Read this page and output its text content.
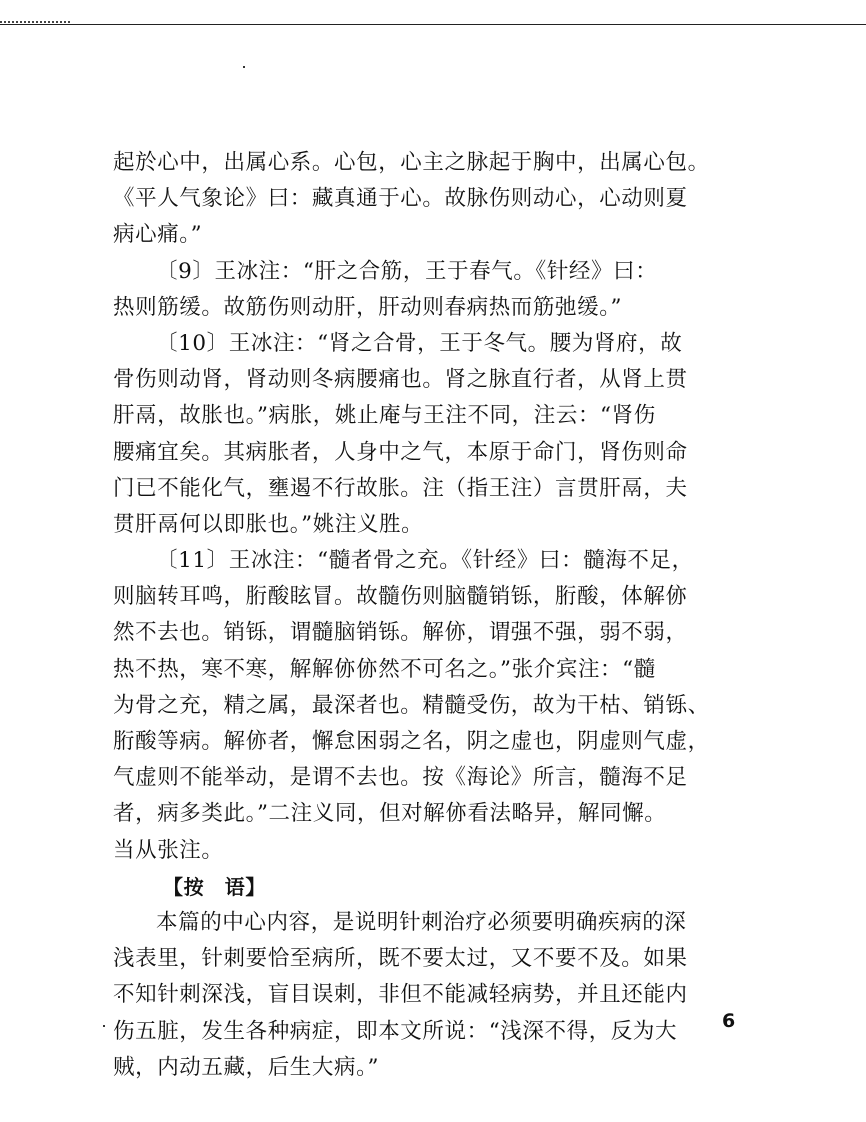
起於心中，出属心系。心包，心主之脉起于胸中，出属心包。
《平人气象论》曰：藏真通于心。故脉伤则动心，心动则夏
病心痛。”
〔9〕王冰注：“肝之合筋，王于春气。《针经》曰：
热则筋缓。故筋伤则动肝，肝动则春病热而筋弛缓。”
〔10〕王冰注：“肾之合骨，王于冬气。腰为肾府，故
骨伤则动肾，肾动则冬病腰痛也。肾之脉直行者，从肾上贯
肝鬲，故胀也。”病胀，姚止庵与王注不同，注云：“肾伤
腰痛宜矣。其病胀者，人身中之气，本原于命门，肾伤则命
门已不能化气，壅遏不行故胀。注（指王注）言贯肝鬲，夫
贯肝鬲何以即胀也。”姚注义胜。
〔11〕王冰注：“髓者骨之充。《针经》曰：髓海不足，
则脑转耳鸣，胻酸眩冒。故髓伤则脑髓销铄，胻酸，体解㑊
然不去也。销铄，谓髓脑销铄。解㑊，谓强不强，弱不弱，
热不热，寒不寒，解解㑊㑊然不可名之。”张介宾注：“髓
为骨之充，精之属，最深者也。精髓受伤，故为干枯、销铄、
胻酸等病。解㑊者，懈怠困弱之名，阴之虚也，阴虚则气虚，
气虚则不能举动，是谓不去也。按《海论》所言，髓海不足
者，病多类此。”二注义同，但对解㑊看法略异，解同懈。
当从张注。
【按　语】
本篇的中心内容，是说明针刺治疗必须要明确疾病的深
浅表里，针刺要恰至病所，既不要太过，又不要不及。如果
不知针刺深浅，盲目误刺，非但不能减轻病势，并且还能内
伤五脏，发生各种病症，即本文所说：“浅深不得，反为大
贼，内动五藏，后生大病。”
6
